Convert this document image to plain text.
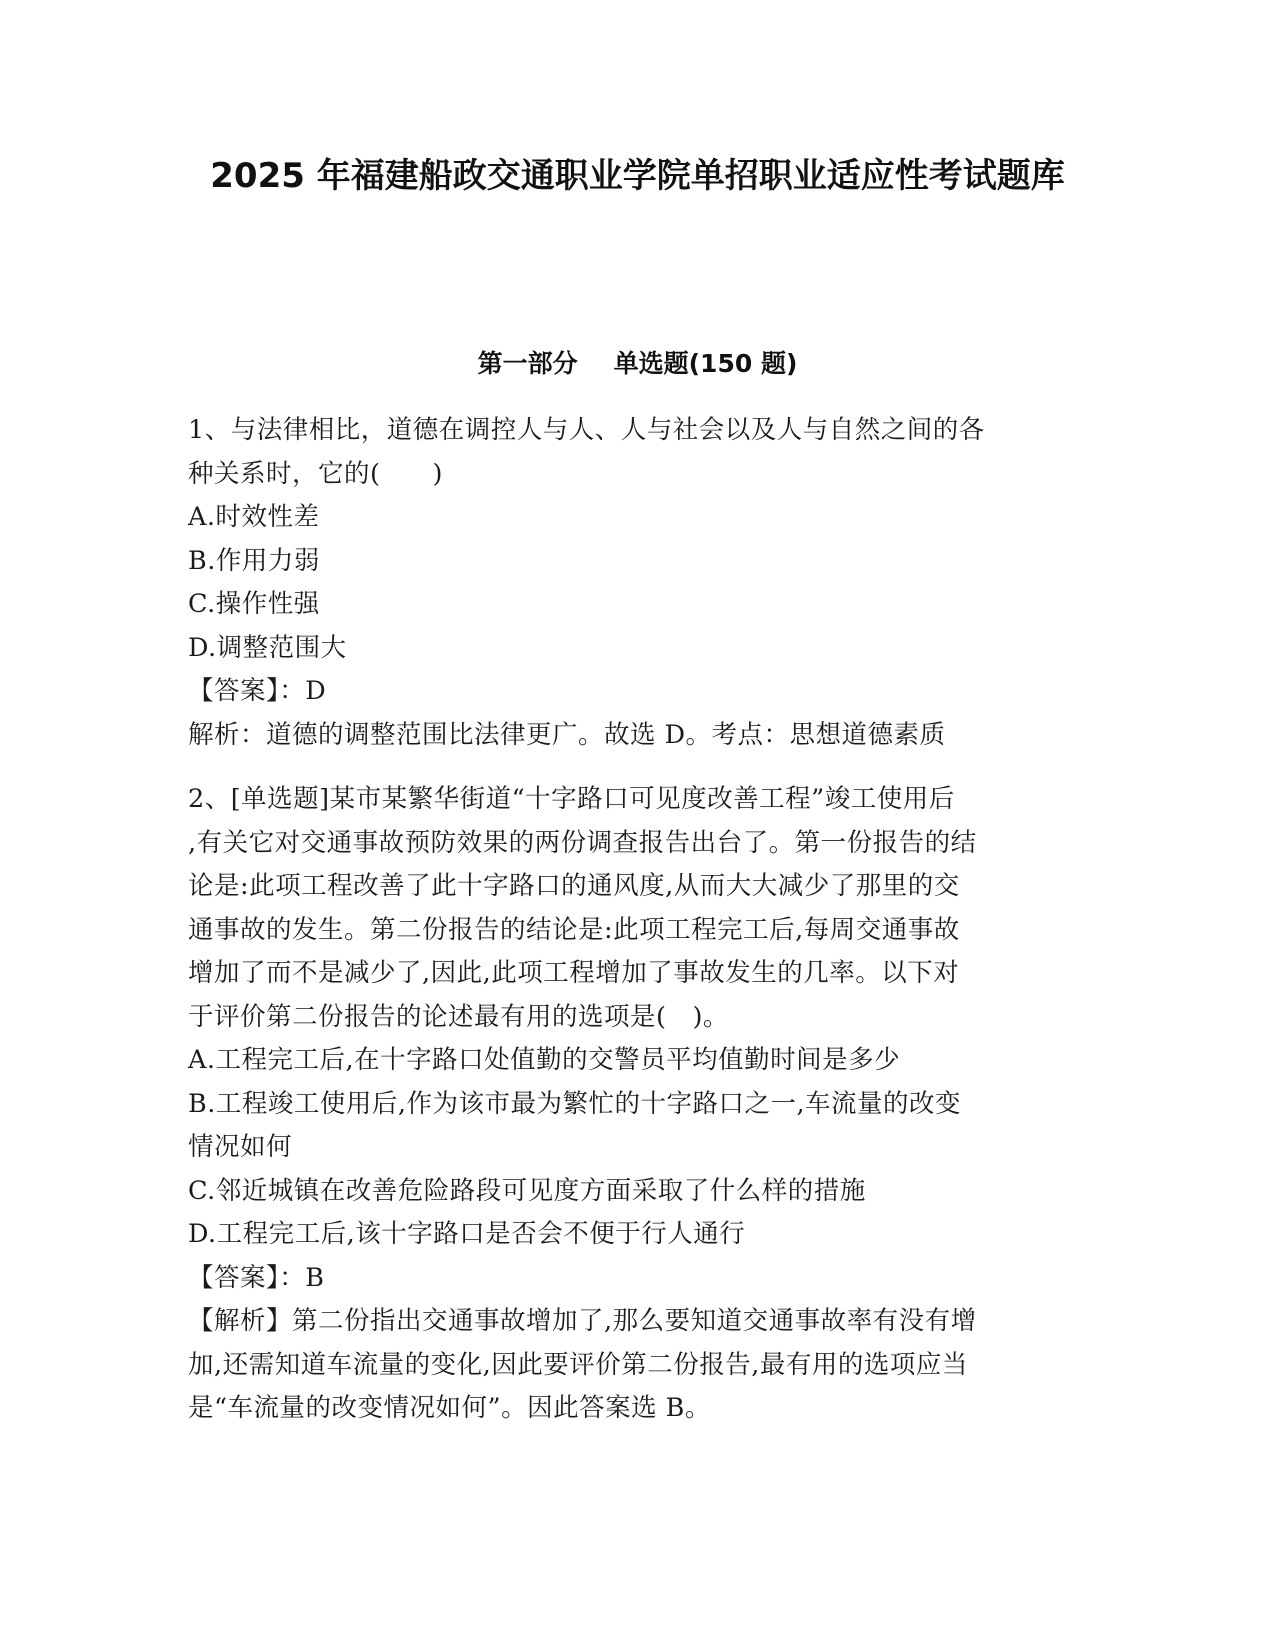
2025 年福建船政交通职业学院单招职业适应性考试题库
第一部分 单选题(150 题)
1、与法律相比，道德在调控人与人、人与社会以及人与自然之间的各
种关系时，它的(　　)
A.时效性差
B.作用力弱
C.操作性强
D.调整范围大
【答案】：D
解析：道德的调整范围比法律更广。故选 D。考点：思想道德素质
2、[单选题]某市某繁华街道“十字路口可见度改善工程”竣工使用后
,有关它对交通事故预防效果的两份调查报告出台了。第一份报告的结
论是:此项工程改善了此十字路口的通风度,从而大大减少了那里的交
通事故的发生。第二份报告的结论是:此项工程完工后,每周交通事故
增加了而不是减少了,因此,此项工程增加了事故发生的几率。以下对
于评价第二份报告的论述最有用的选项是(　)。
A.工程完工后,在十字路口处值勤的交警员平均值勤时间是多少
B.工程竣工使用后,作为该市最为繁忙的十字路口之一,车流量的改变
情况如何
C.邻近城镇在改善危险路段可见度方面采取了什么样的措施
D.工程完工后,该十字路口是否会不便于行人通行
【答案】：B
【解析】第二份指出交通事故增加了,那么要知道交通事故率有没有增
加,还需知道车流量的变化,因此要评价第二份报告,最有用的选项应当
是“车流量的改变情况如何”。因此答案选 B。
